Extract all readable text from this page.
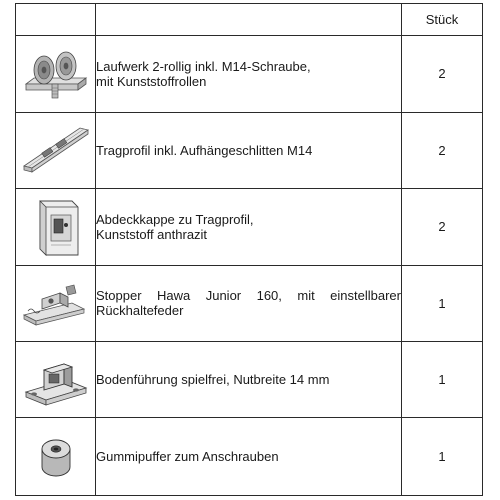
		Stück

Laufwerk 2-rollig inkl. M14-Schraube,
mit Kunststoffrollen	2

Tragprofil inkl. Aufhängeschlitten M14	2

Abdeckkappe zu Tragprofil,
Kunststoff anthrazit	2

Stopper Hawa Junior 160, mit einstellbarer
Rückhaltefeder	1

Bodenführung spielfrei, Nutbreite 14 mm	1

Gummipuffer zum Anschrauben	1
